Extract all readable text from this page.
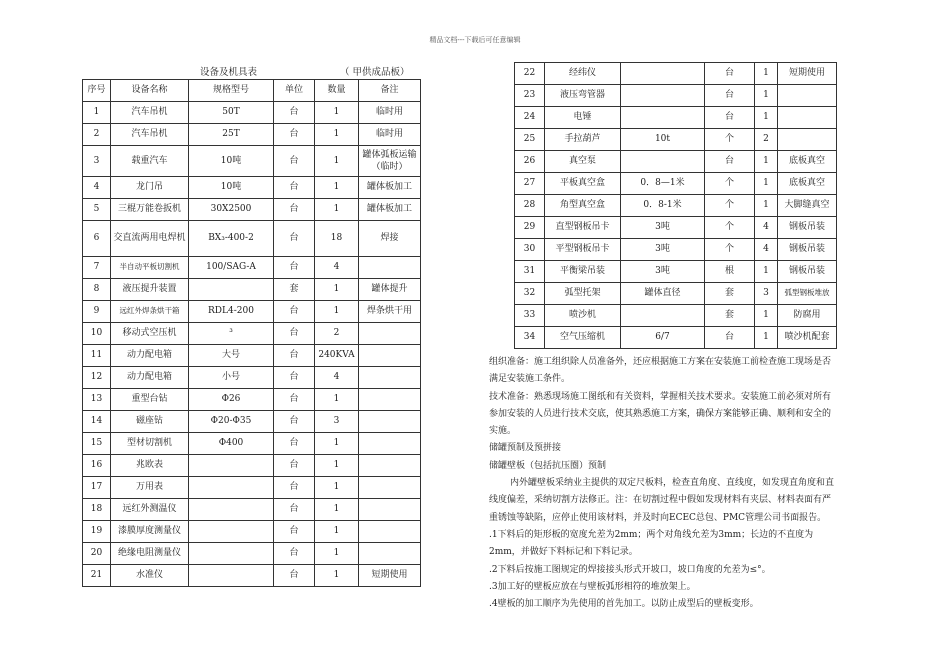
精品文档---下载后可任意编辑
设备及机具表	（ 甲供成品板）
序号	设备名称	规格型号	单位	数量	备注
1	汽车吊机	50T	台	1	临时用
2	汽车吊机	25T	台	1	临时用
3	载重汽车	10吨	台	1	罐体弧板运输（临时）
4	龙门吊	10吨	台	1	罐体板加工
5	三棍万能卷扳机	30X2500	台	1	罐体板加工
6	交直流两用电焊机	BX₃-400-2	台	18	焊接
7	半自动平板切割机	100/SAG-A	台	4	
8	液压提升装置		套	1	罐体提升
9	远红外焊条烘干箱	RDL4-200	台	1	焊条烘干用
10	移动式空压机	³	台	2	
11	动力配电箱	大号	台	240KVA	
12	动力配电箱	小号	台	4	
13	重型台钻	Φ26	台	1	
14	磁座钻	Φ20-Φ35	台	3	
15	型材切割机	Φ400	台	1	
16	兆欧表		台	1	
17	万用表		台	1	
18	远红外测温仪		台	1	
19	漆膜厚度测量仪		台	1	
20	绝缘电阻测量仪		台	1	
21	水准仪		台	1	短期使用
22	经纬仪		台	1	短期使用
23	液压弯管器		台	1	
24	电锤		台	1	
25	手拉葫芦	10t	个	2	
26	真空泵		台	1	底板真空
27	平板真空盒	0．8—1米	个	1	底板真空
28	角型真空盒	0．8-1米	个	1	大脚缝真空
29	直型钢板吊卡	3吨	个	4	钢板吊装
30	平型钢板吊卡	3吨	个	4	钢板吊装
31	平衡梁吊装	3吨	根	1	钢板吊装
32	弧型托架	罐体直径	套	3	弧型钢板堆放
33	喷沙机		套	1	防腐用
34	空气压缩机	6/7	台	1	喷沙机配套

组织准备：施工组织除人员准备外，还应根据施工方案在安装施工前检查施工现场是否满足安装施工条件。

技术准备：熟悉现场施工图纸和有关资料，掌握相关技术要求。安装施工前必须对所有参加安装的人员进行技术交底，使其熟悉施工方案，确保方案能够正确、顺利和安全的实施。

储罐预制及预拼接

储罐壁板（包括抗压圈）预制

内外罐壁板采纳业主提供的双定尺板料，检查直角度、直线度，如发现直角度和直线度偏差，采纳切割方法修正。注：在切割过程中假如发现材料有夹层、材料表面有严重锈蚀等缺陷，应停止使用该材料，并及时向ECEC总包、PMC管理公司书面报告。

.1下料后的矩形板的宽度允差为2mm；两个对角线允差为3mm；长边的不直度为2mm，并做好下料标记和下料记录。

.2下料后按施工图规定的焊接接头形式开坡口，坡口角度的允差为≤°。

.3加工好的壁板应放在与壁板弧形相符的堆放架上。

.4壁板的加工顺序为先使用的首先加工。以防止成型后的壁板变形。
